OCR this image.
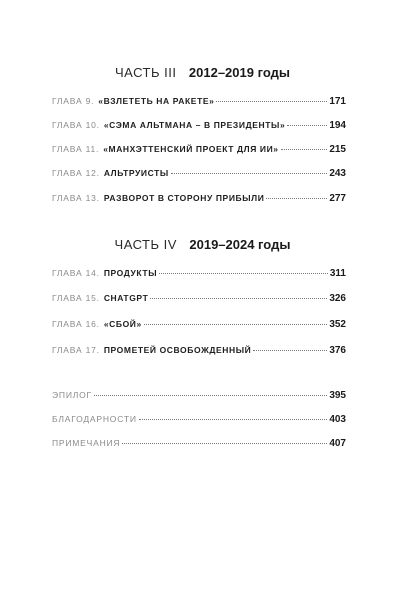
ЧАСТЬ III 2012–2019 годы
ГЛАВА 9. «ВЗЛЕТЕТЬ НА РАКЕТЕ»	171
ГЛАВА 10. «СЭМА АЛЬТМАНА – В ПРЕЗИДЕНТЫ»	194
ГЛАВА 11. «МАНХЭТТЕНСКИЙ ПРОЕКТ ДЛЯ ИИ»	215
ГЛАВА 12. АЛЬТРУИСТЫ	243
ГЛАВА 13. РАЗВОРОТ В СТОРОНУ ПРИБЫЛИ	277
ЧАСТЬ IV 2019–2024 годы
ГЛАВА 14. ПРОДУКТЫ	311
ГЛАВА 15. CHATGPT	326
ГЛАВА 16. «СБОЙ»	352
ГЛАВА 17. ПРОМЕТЕЙ ОСВОБОЖДЕННЫЙ	376
ЭПИЛОГ	395
БЛАГОДАРНОСТИ	403
ПРИМЕЧАНИЯ	407
